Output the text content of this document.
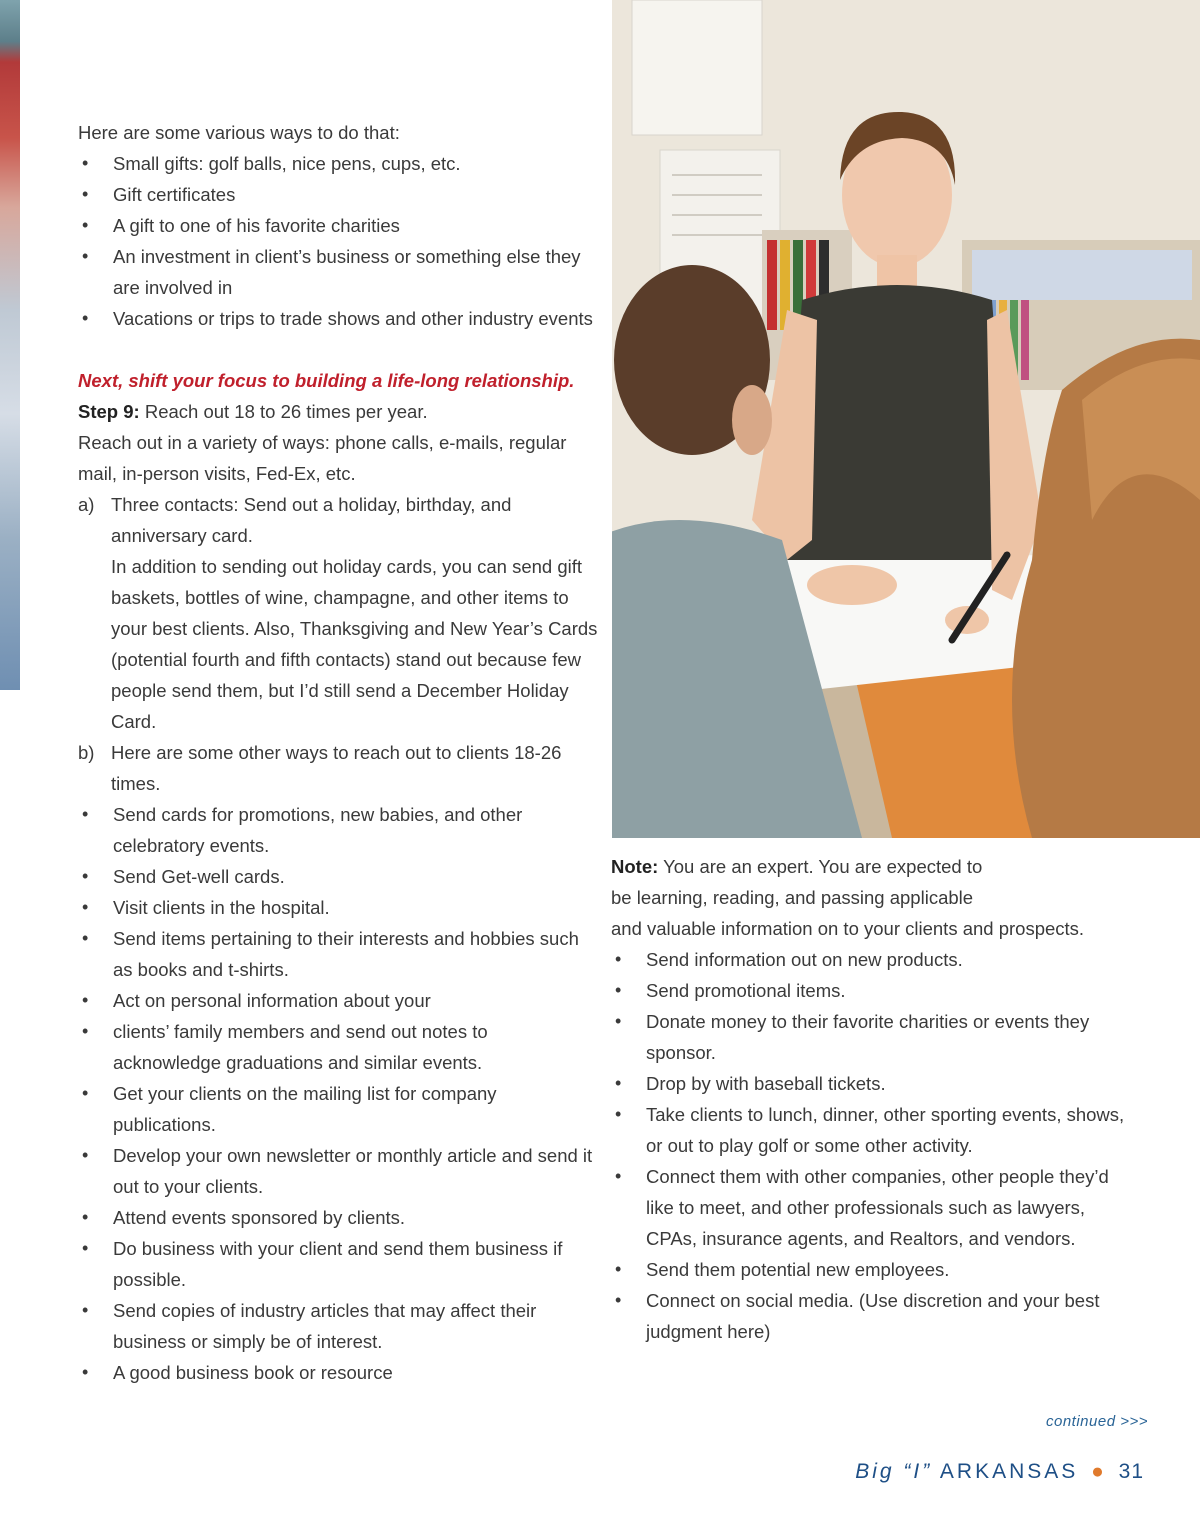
Here are some various ways to do that:

• Small gifts: golf balls, nice pens, cups, etc.

• Gift certificates

• A gift to one of his favorite charities

• An investment in client’s business or something else they are involved in

• Vacations or trips to trade shows and other industry events

Next, shift your focus to building a life-long relationship.

Step 9: Reach out 18 to 26 times per year.

Reach out in a variety of ways: phone calls, e-mails, regular mail, in-person visits, Fed-Ex, etc.

a) Three contacts: Send out a holiday, birthday, and anniversary card.

In addition to sending out holiday cards, you can send gift baskets, bottles of wine, champagne, and other items to your best clients. Also, Thanksgiving and New Year’s Cards (potential fourth and fifth contacts) stand out because few people send them, but I’d still send a December Holiday Card.

b) Here are some other ways to reach out to clients 18-26 times.

• Send cards for promotions, new babies, and other celebratory events.

• Send Get-well cards.

• Visit clients in the hospital.

• Send items pertaining to their interests and hobbies such as books and t-shirts.

• Act on personal information about your

• clients’ family members and send out notes to acknowledge graduations and similar events.

• Get your clients on the mailing list for company publications.

• Develop your own newsletter or monthly article and send it out to your clients.

• Attend events sponsored by clients.

• Do business with your client and send them business if possible.

• Send copies of industry articles that may affect their business or simply be of interest.

• A good business book or resource

Note: You are an expert. You are expected to

be learning, reading, and passing applicable

and valuable information on to your clients and prospects.

• Send information out on new products.

• Send promotional items.

• Donate money to their favorite charities or events they sponsor.

• Drop by with baseball tickets.

• Take clients to lunch, dinner, other sporting events, shows, or out to play golf or some other activity.

• Connect them with other companies, other people they’d like to meet, and other professionals such as lawyers, CPAs, insurance agents, and Realtors, and vendors.

• Send them potential new employees.

• Connect on social media. (Use discretion and your best judgment here)

continued >>>
Big “I” ARKANSAS ● 31
